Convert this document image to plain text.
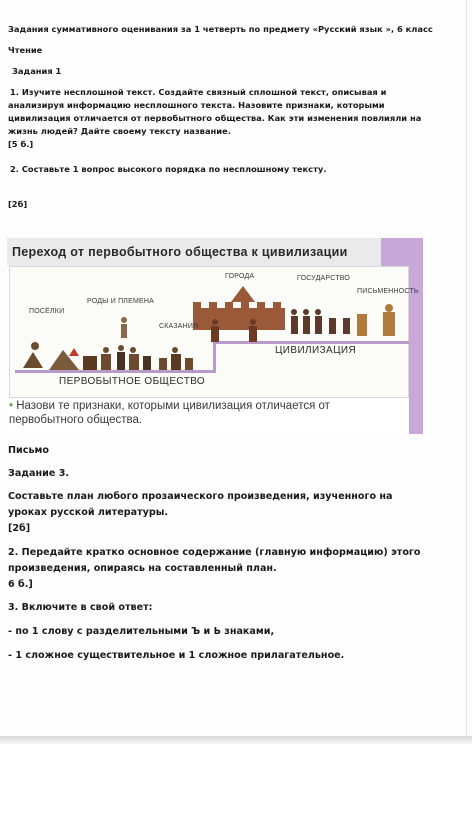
Задания суммативного оценивания за 1 четверть по предмету «Русский язык », 6 класс
Чтение
Задания 1
1. Изучите несплошной текст. Создайте связный сплошной текст, описывая и
анализируя информацию несплошного текста. Назовите признаки, которыми
цивилизация отличается от первобытного общества. Как эти изменения повлияли на
жизнь людей? Дайте своему тексту название.
[5 б.]
2. Составьте 1 вопрос высокого порядка по несплошному тексту.
[2б]
Переход от первобытного общества к цивилизации
ГОРОДА	ГОСУДАРСТВО
ПИСЬМЕННОСТЬ
РОДЫ И ПЛЕМЕНА
ПОСЁЛКИ
СКАЗАНИЯ
ЦИВИЛИЗАЦИЯ
ПЕРВОБЫТНОЕ ОБЩЕСТВО
• Назови те признаки, которыми цивилизация отличается от
первобытного общества.
Письмо
Задание 3.
Составьте план любого прозаического произведения, изученного на
уроках русской литературы.
[2б]
2. Передайте кратко основное содержание (главную информацию) этого
произведения, опираясь на составленный план.
6 б.]
3. Включите в свой ответ:
- по 1 слову с разделительными Ъ и Ь знаками,
- 1 сложное существительное и 1 сложное прилагательное.
